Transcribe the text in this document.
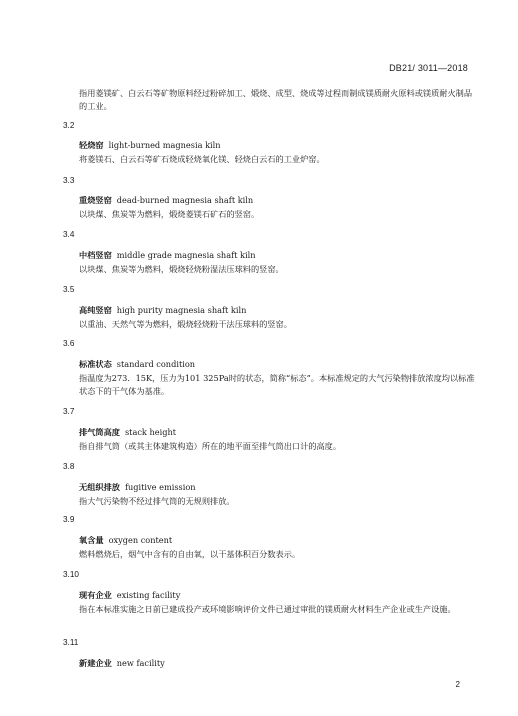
DB21/ 3011—2018
指用菱镁矿、白云石等矿物原料经过粉碎加工、煅烧、成型、烧成等过程而制成镁质耐火原料或镁质耐火制品的工业。
3.2
轻烧窑 light-burned magnesia kiln
将菱镁石、白云石等矿石烧成轻烧氧化镁、轻烧白云石的工业炉窑。
3.3
重烧竖窑 dead-burned magnesia shaft kiln
以块煤、焦炭等为燃料，煅烧菱镁石矿石的竖窑。
3.4
中档竖窑 middle grade magnesia shaft kiln
以块煤、焦炭等为燃料，煅烧轻烧粉湿法压球料的竖窑。
3.5
高纯竖窑 high purity magnesia shaft kiln
以重油、天然气等为燃料，煅烧轻烧粉干法压球料的竖窑。
3.6
标准状态 standard condition
指温度为273．15K，压力为101 325Pa时的状态，简称“标态”。本标准规定的大气污染物排放浓度均以标准状态下的干气体为基准。
3.7
排气筒高度 stack height
指自排气筒（或其主体建筑构造）所在的地平面至排气筒出口计的高度。
3.8
无组织排放 fugitive emission
指大气污染物不经过排气筒的无规则排放。
3.9
氧含量 oxygen content
燃料燃烧后，烟气中含有的自由氧，以干基体积百分数表示。
3.10
现有企业 existing facility
指在本标准实施之日前已建成投产或环境影响评价文件已通过审批的镁质耐火材料生产企业或生产设施。
3.11
新建企业 new facility
2
